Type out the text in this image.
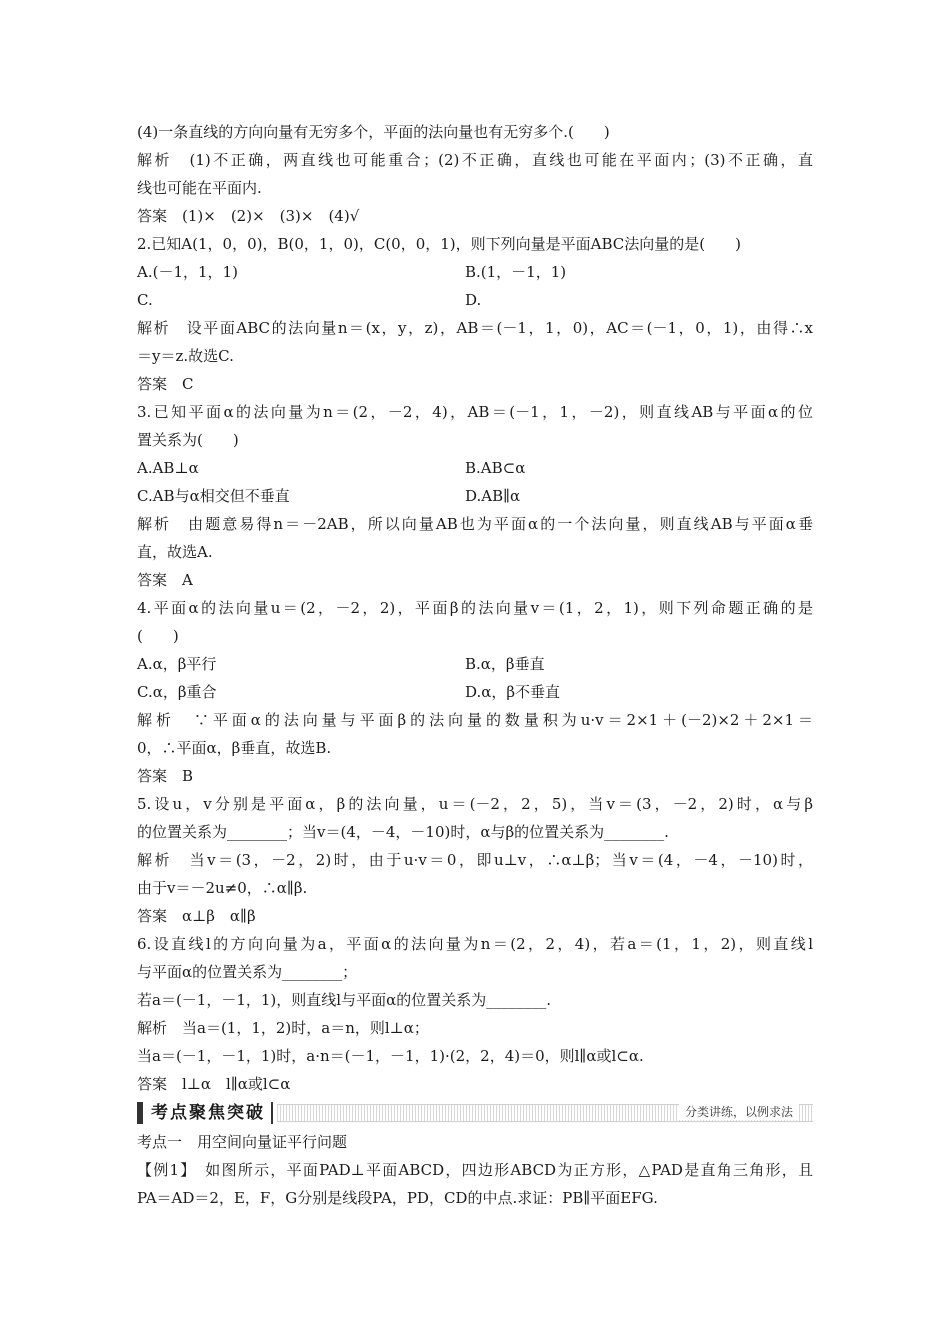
(4)一条直线的方向向量有无穷多个，平面的法向量也有无穷多个.(　　)
解析　(1)不正确，两直线也可能重合；(2)不正确，直线也可能在平面内；(3)不正确，直
线也可能在平面内.
答案　(1)×　(2)×　(3)×　(4)√
2.已知A(1，0，0)，B(0，1，0)，C(0，0，1)，则下列向量是平面ABC法向量的是(　　)
A.(－1，1，1)	B.(1，－1，1)
C.	D.
解析　设平面ABC的法向量n＝(x，y，z)，AB＝(－1，1，0)，AC＝(－1，0，1)，由得∴x
＝y＝z.故选C.
答案　C
3.已知平面α的法向量为n＝(2，－2，4)，AB＝(－1，1，－2)，则直线AB与平面α的位
置关系为(　　)
A.AB⊥α	B.AB⊂α
C.AB与α相交但不垂直	D.AB∥α
解析　由题意易得n＝－2AB，所以向量AB也为平面α的一个法向量，则直线AB与平面α垂
直，故选A.
答案　A
4.平面α的法向量u＝(2，－2，2)，平面β的法向量v＝(1，2，1)，则下列命题正确的是
(　　)
A.α，β平行	B.α，β垂直
C.α，β重合	D.α，β不垂直
解析　∵平面α的法向量与平面β的法向量的数量积为u·v＝2×1＋(－2)×2＋2×1＝
0，∴平面α，β垂直，故选B.
答案　B
5.设u，v分别是平面α，β的法向量，u＝(－2，2，5)，当v＝(3，－2，2)时，α与β
的位置关系为________；当v＝(4，－4，－10)时，α与β的位置关系为________.
解析　当v＝(3，－2，2)时，由于u·v＝0，即u⊥v，∴α⊥β；当v＝(4，－4，－10)时，
由于v＝－2u≠0，∴α∥β.
答案　α⊥β　α∥β
6.设直线l的方向向量为a，平面α的法向量为n＝(2，2，4)，若a＝(1，1，2)，则直线l
与平面α的位置关系为________；
若a＝(－1，－1，1)，则直线l与平面α的位置关系为________.
解析　当a＝(1，1，2)时，a＝n，则l⊥α；
当a＝(－1，－1，1)时，a·n＝(－1，－1，1)·(2，2，4)＝0，则l∥α或l⊂α.
答案　l⊥α　l∥α或l⊂α
考点聚焦突破	分类讲练，以例求法
考点一　用空间向量证平行问题
【例1】　如图所示，平面PAD⊥平面ABCD，四边形ABCD为正方形，△PAD是直角三角形，且
PA＝AD＝2，E，F，G分别是线段PA，PD，CD的中点.求证：PB∥平面EFG.
